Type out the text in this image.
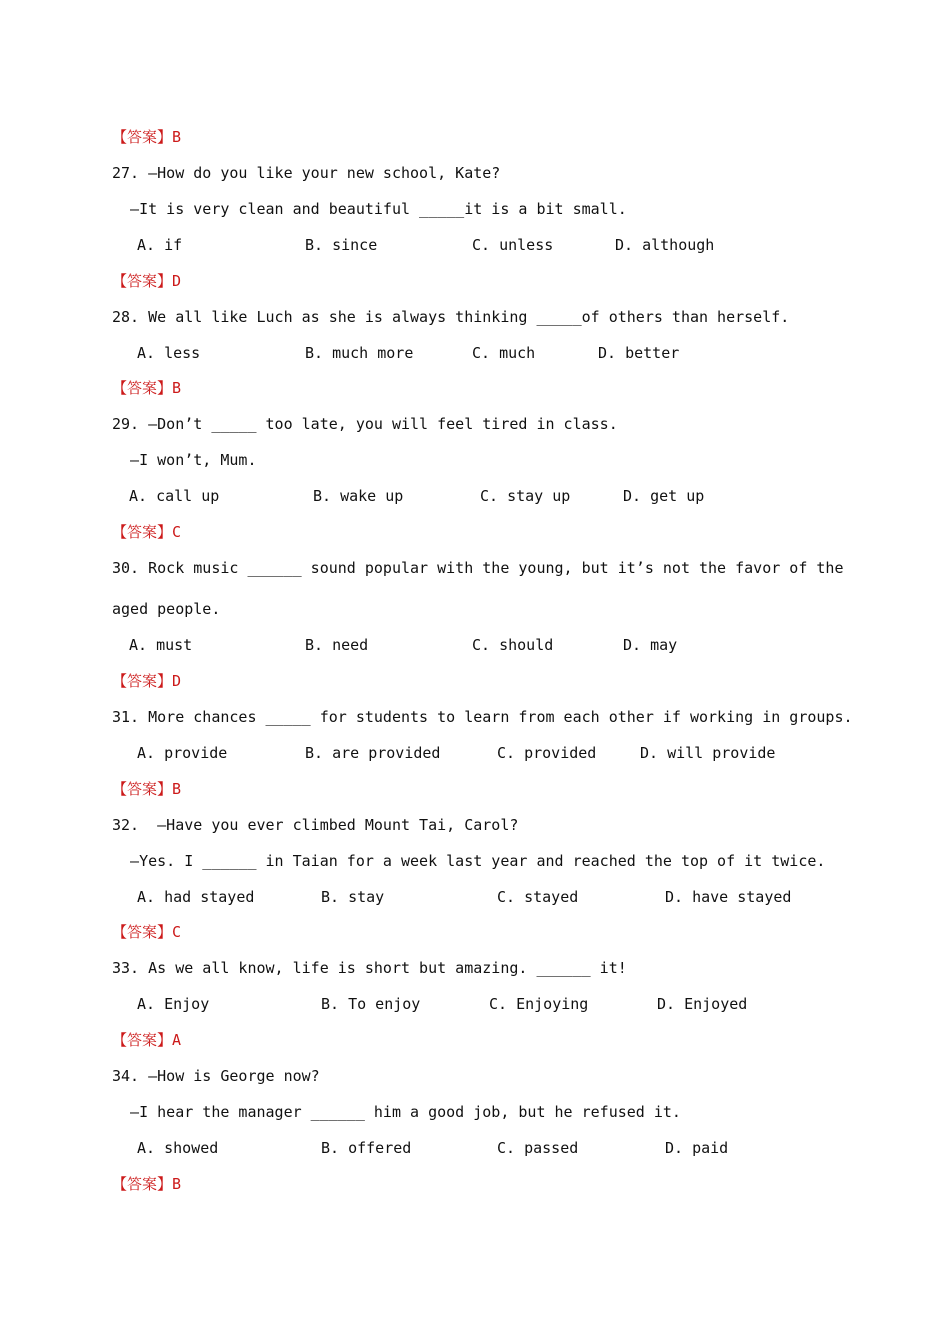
【答案】B
27. —How do you like your new school, Kate?
—It is very clean and beautiful _____it is a bit small.
A. if	B. since	C. unless	D. although
【答案】D
28. We all like Luch as she is always thinking _____of others than herself.
A. less	B. much more	C. much	D. better
【答案】B
29. —Don’t _____ too late, you will feel tired in class.
—I won’t, Mum.
A. call up	B. wake up	C. stay up	D. get up
【答案】C
30. Rock music ______ sound popular with the young, but it’s not the favor of the
aged people.
A. must	B. need	C. should	D. may
【答案】D
31. More chances _____ for students to learn from each other if working in groups.
A. provide	B. are provided	C. provided	D. will provide
【答案】B
32.  —Have you ever climbed Mount Tai, Carol?
—Yes. I ______ in Taian for a week last year and reached the top of it twice.
A. had stayed	B. stay	C. stayed	D. have stayed
【答案】C
33. As we all know, life is short but amazing. ______ it!
A. Enjoy	B. To enjoy	C. Enjoying	D. Enjoyed
【答案】A
34. —How is George now?
—I hear the manager ______ him a good job, but he refused it.
A. showed	B. offered	C. passed	D. paid
【答案】B
